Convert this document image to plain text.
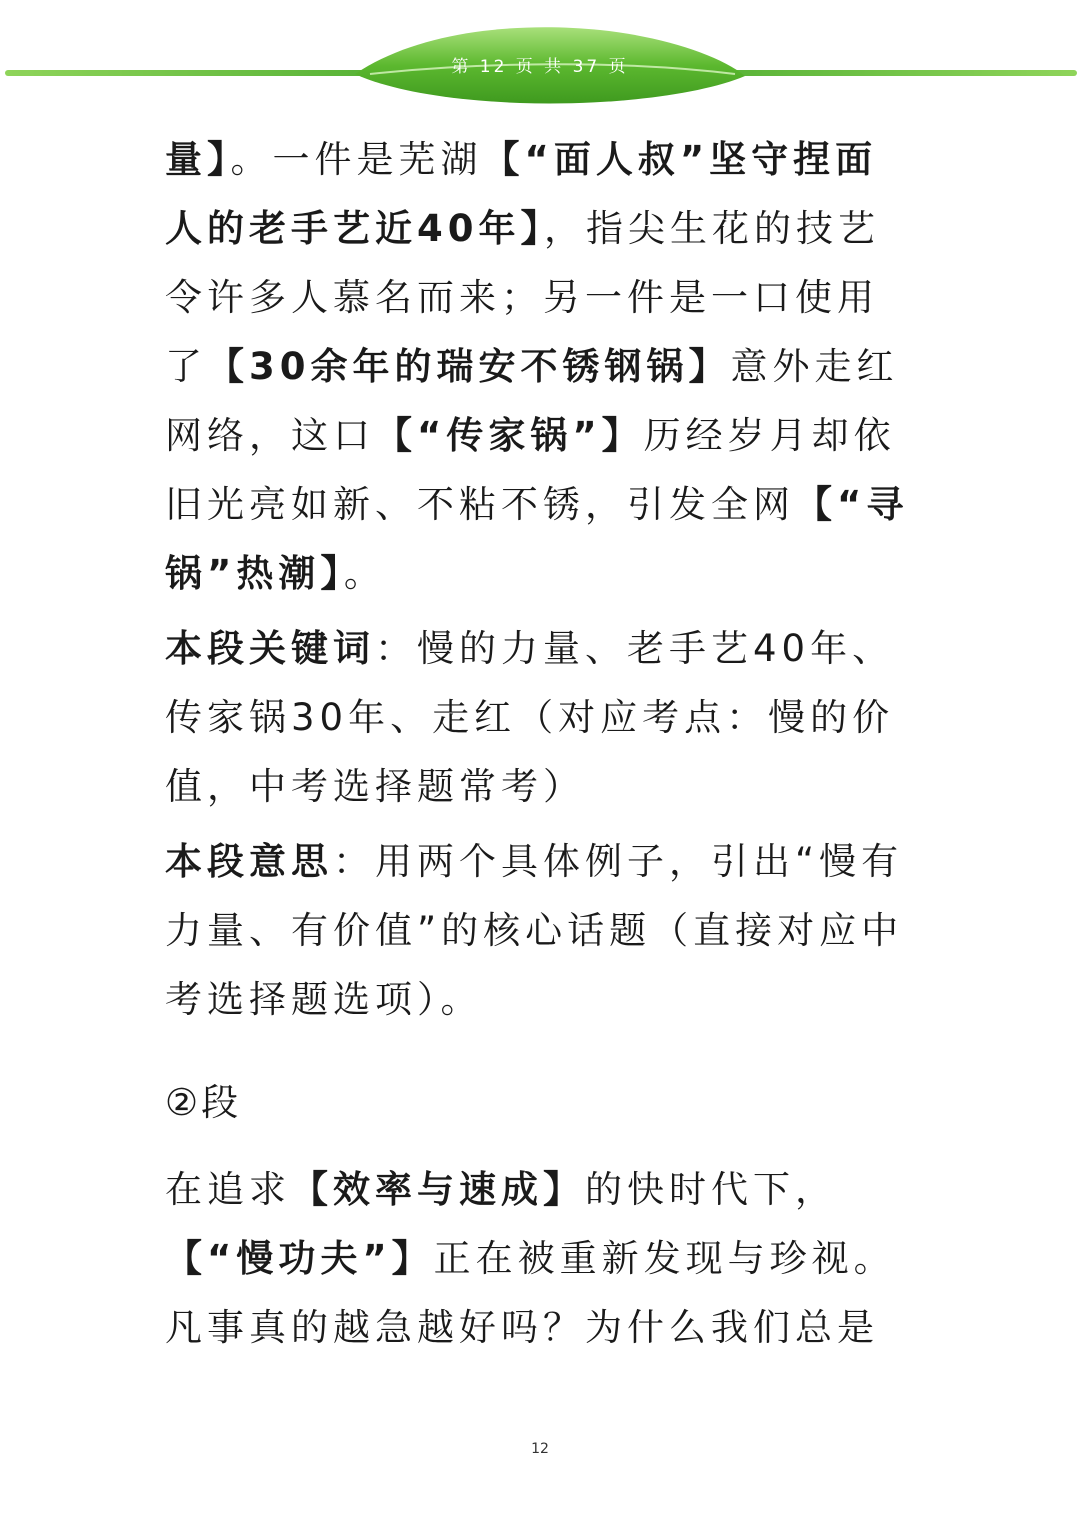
第 12 页 共 37 页

量】。一件是芜湖【“面人叔”坚守捏面人的老手艺近40年】，指尖生花的技艺令许多人慕名而来；另一件是一口使用了【30余年的瑞安不锈钢锅】意外走红网络，这口【“传家锅”】历经岁月却依旧光亮如新、不粘不锈，引发全网【“寻锅”热潮】。

本段关键词：慢的力量、老手艺40年、传家锅30年、走红（对应考点：慢的价值，中考选择题常考）

本段意思：用两个具体例子，引出“慢有力量、有价值”的核心话题（直接对应中考选择题选项）。

②段

在追求【效率与速成】的快时代下，【“慢功夫”】正在被重新发现与珍视。凡事真的越急越好吗？为什么我们总是

12
